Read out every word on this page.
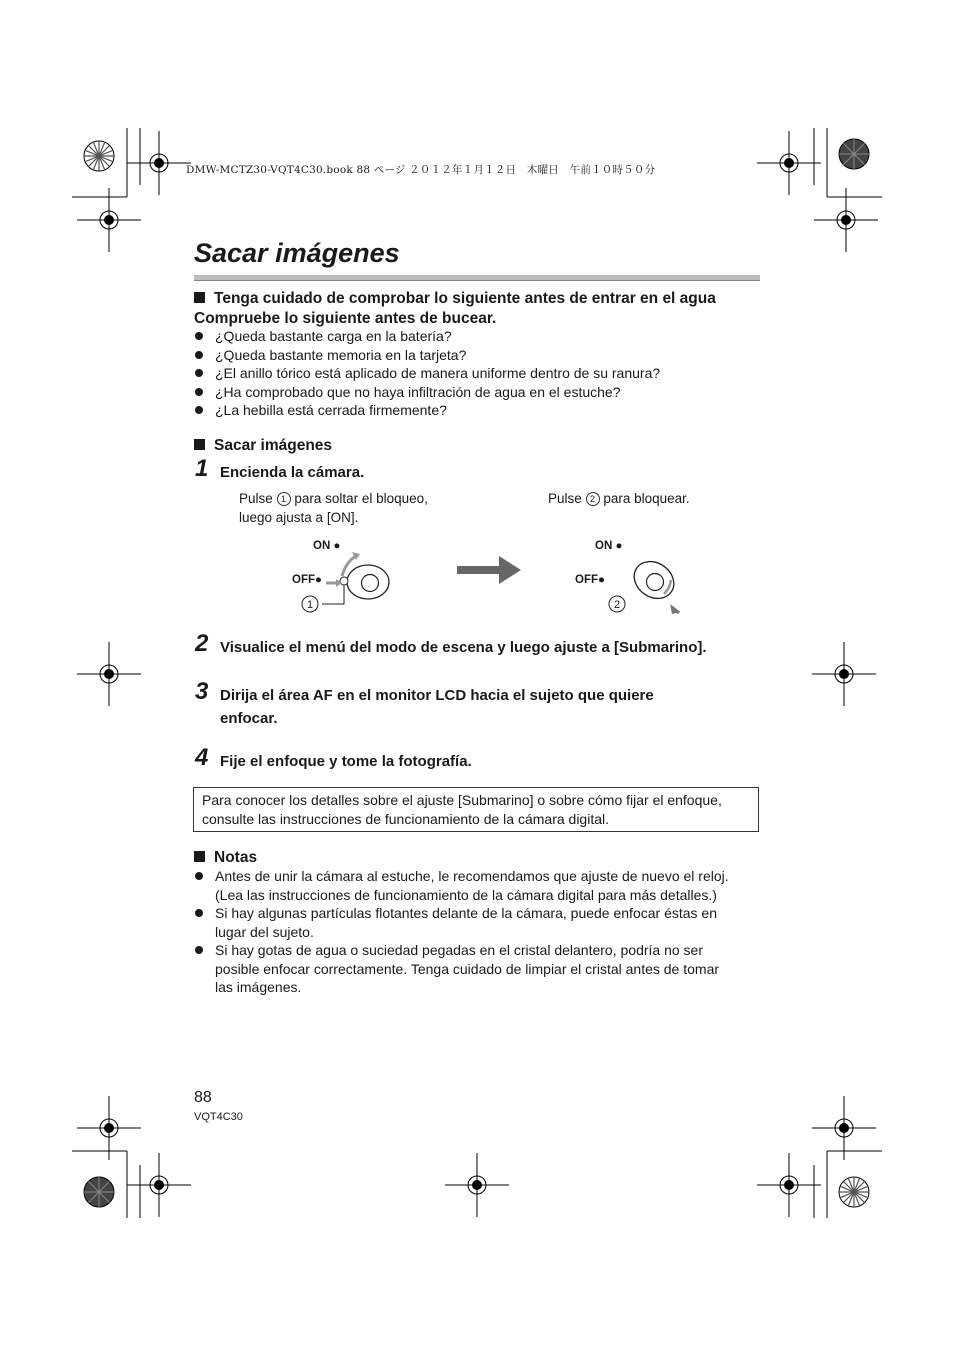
DMW-MCTZ30-VQT4C30.book 88 ページ ２０１２年１月１２日　木曜日　午前１０時５０分
Sacar imágenes
Tenga cuidado de comprobar lo siguiente antes de entrar en el agua
Compruebe lo siguiente antes de bucear.
¿Queda bastante carga en la batería?
¿Queda bastante memoria en la tarjeta?
¿El anillo tórico está aplicado de manera uniforme dentro de su ranura?
¿Ha comprobado que no haya infiltración de agua en el estuche?
¿La hebilla está cerrada firmemente?
Sacar imágenes
1 Encienda la cámara.
Pulse 1 para soltar el bloqueo,
luego ajusta a [ON].
Pulse 2 para bloquear.
ON ●
OFF●
1
ON ●
OFF●
2
2 Visualice el menú del modo de escena y luego ajuste a [Submarino].
3 Dirija el área AF en el monitor LCD hacia el sujeto que quiere
enfocar.
4 Fije el enfoque y tome la fotografía.
Para conocer los detalles sobre el ajuste [Submarino] o sobre cómo fijar el enfoque,
consulte las instrucciones de funcionamiento de la cámara digital.
Notas
Antes de unir la cámara al estuche, le recomendamos que ajuste de nuevo el reloj.
(Lea las instrucciones de funcionamiento de la cámara digital para más detalles.)
Si hay algunas partículas flotantes delante de la cámara, puede enfocar éstas en
lugar del sujeto.
Si hay gotas de agua o suciedad pegadas en el cristal delantero, podría no ser
posible enfocar correctamente. Tenga cuidado de limpiar el cristal antes de tomar
las imágenes.
88
VQT4C30
